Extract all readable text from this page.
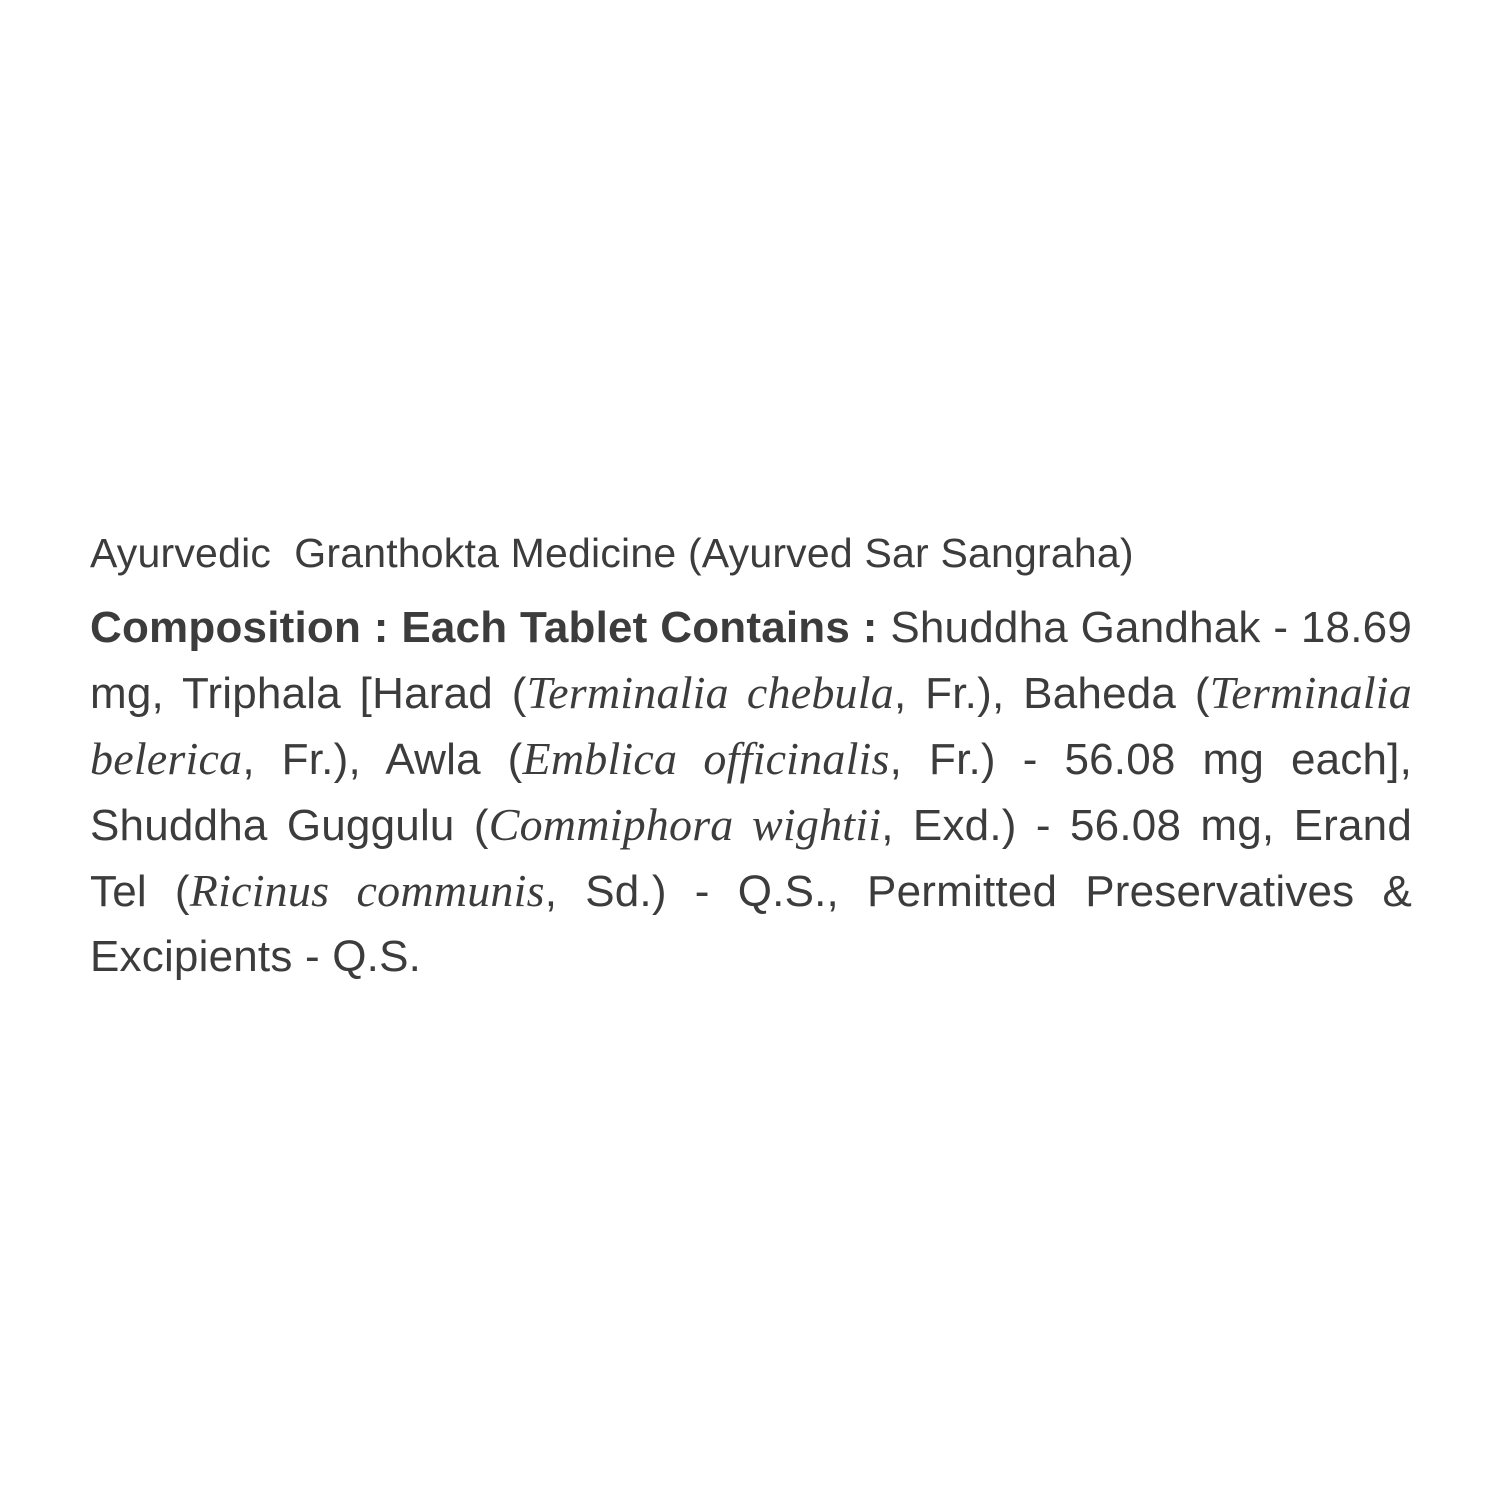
Ayurvedic  Granthokta Medicine (Ayurved Sar Sangraha)

Composition : Each Tablet Contains : Shuddha Gandhak - 18.69 mg, Triphala [Harad (Terminalia chebula, Fr.), Baheda (Terminalia belerica, Fr.), Awla (Emblica officinalis, Fr.) - 56.08 mg each], Shuddha Guggulu (Commiphora wightii, Exd.) - 56.08 mg, Erand Tel (Ricinus communis, Sd.) - Q.S., Permitted Preservatives & Excipients - Q.S.
